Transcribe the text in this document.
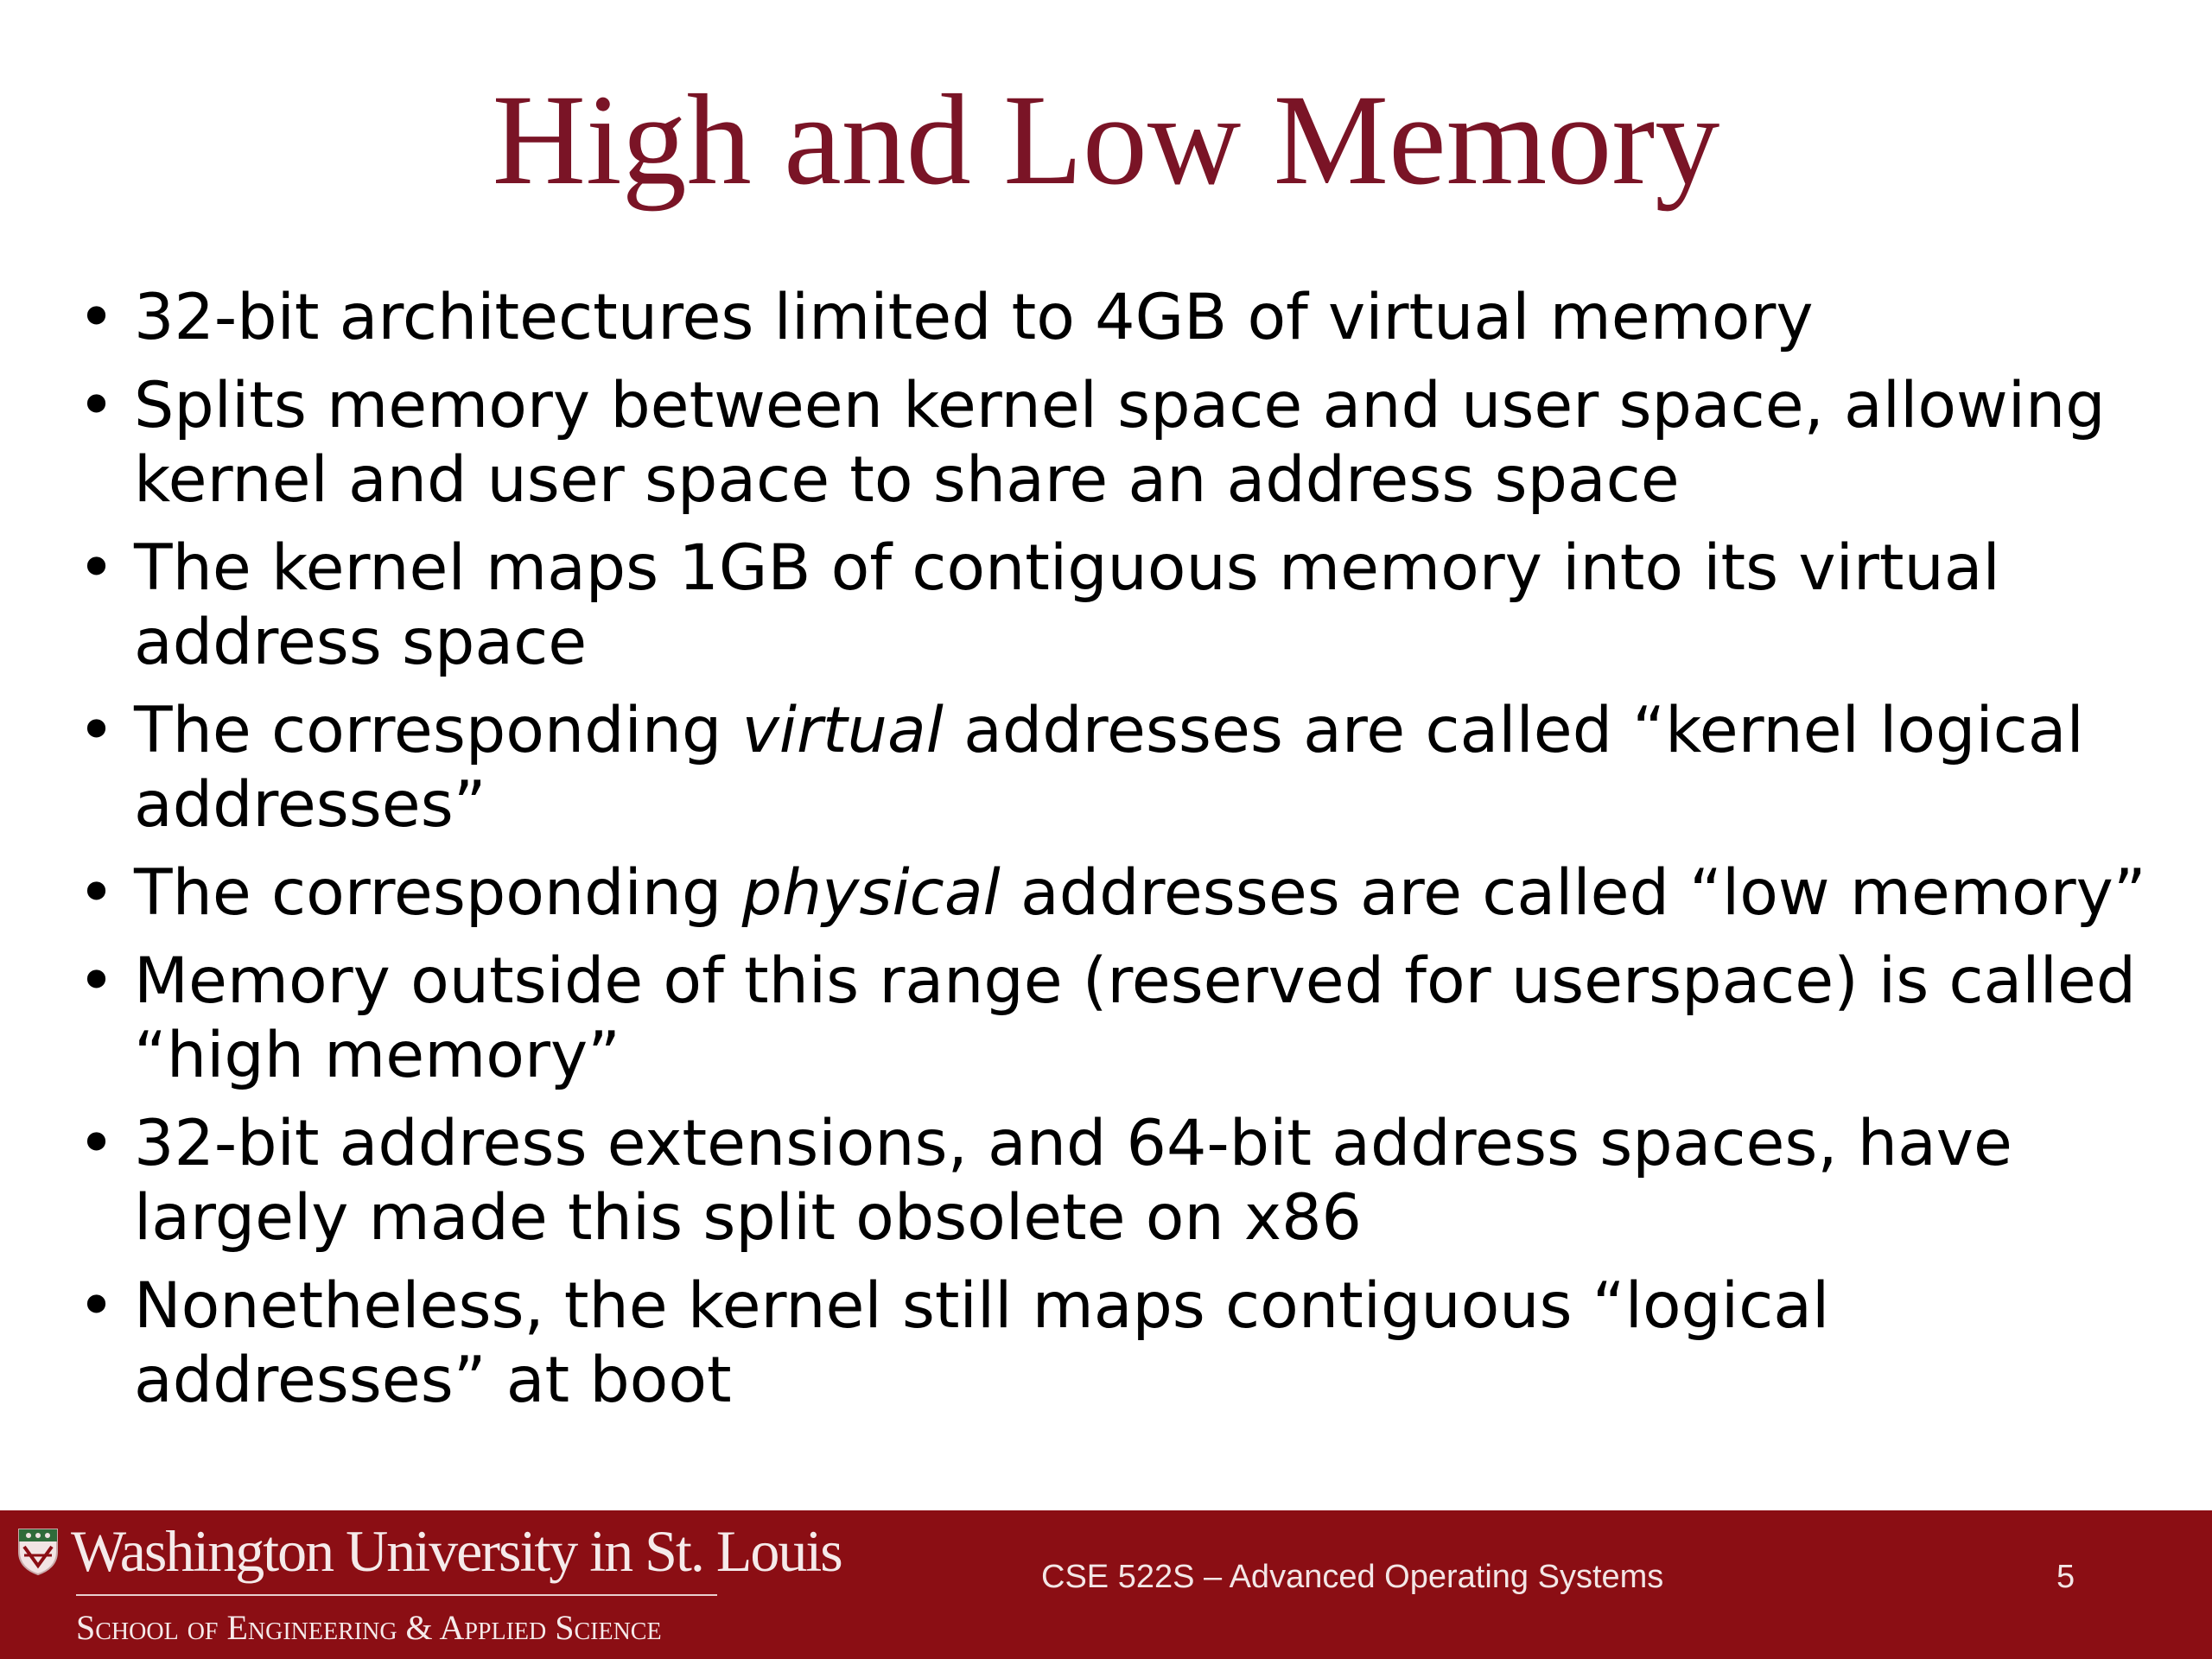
High and Low Memory
• 32-bit architectures limited to 4GB of virtual memory
• Splits memory between kernel space and user space, allowing kernel and user space to share an address space
• The kernel maps 1GB of contiguous memory into its virtual address space
• The corresponding virtual addresses are called “kernel logical addresses”
• The corresponding physical addresses are called “low memory”
• Memory outside of this range (reserved for userspace) is called “high memory”
• 32-bit address extensions, and 64-bit address spaces, have largely made this split obsolete on x86
• Nonetheless, the kernel still maps contiguous “logical addresses” at boot
Washington University in St. Louis
School of Engineering & Applied Science
CSE 522S – Advanced Operating Systems	5
